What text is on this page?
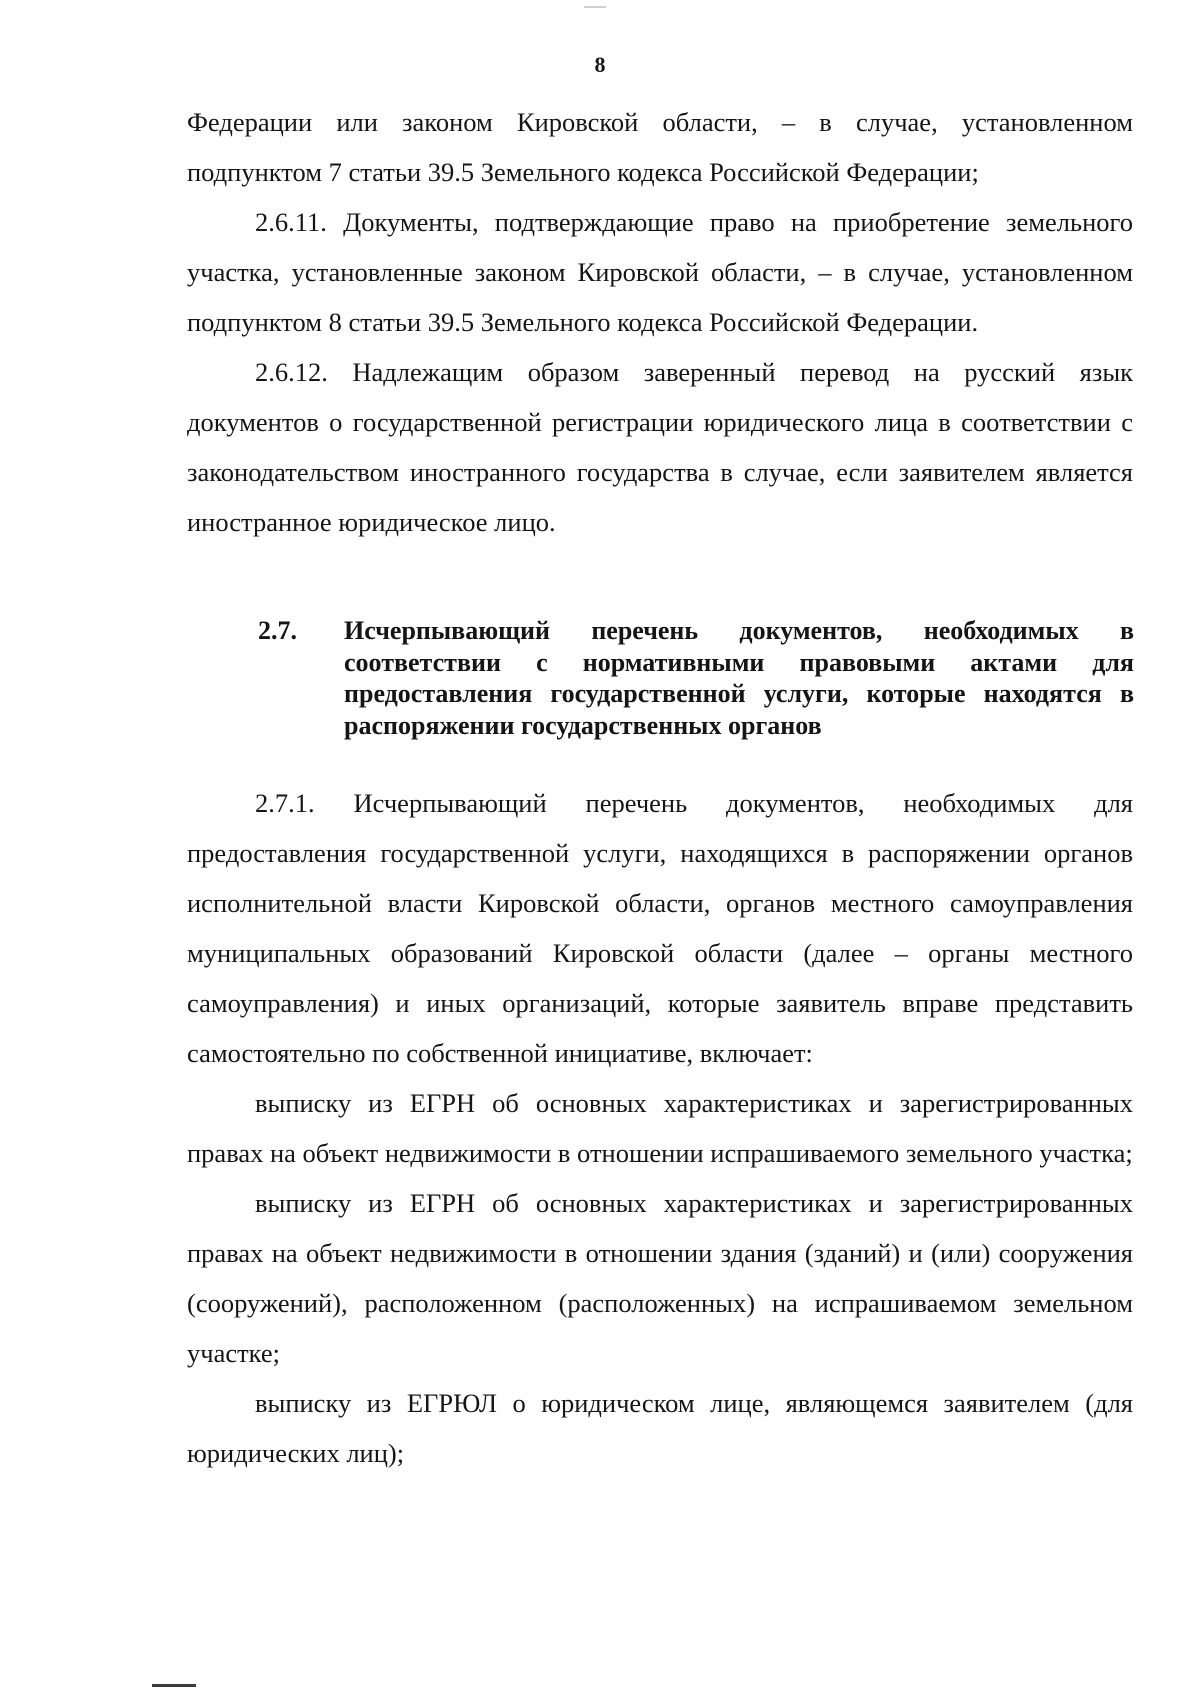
8

Федерации или законом Кировской области, – в случае, установленном подпунктом 7 статьи 39.5 Земельного кодекса Российской Федерации;

2.6.11. Документы, подтверждающие право на приобретение земельного участка, установленные законом Кировской области, – в случае, установленном подпунктом 8 статьи 39.5 Земельного кодекса Российской Федерации.

2.6.12. Надлежащим образом заверенный перевод на русский язык документов о государственной регистрации юридического лица в соответствии с законодательством иностранного государства в случае, если заявителем является иностранное юридическое лицо.

2.7. Исчерпывающий перечень документов, необходимых в соответствии с нормативными правовыми актами для предоставления государственной услуги, которые находятся в распоряжении государственных органов

2.7.1. Исчерпывающий перечень документов, необходимых для предоставления государственной услуги, находящихся в распоряжении органов исполнительной власти Кировской области, органов местного самоуправления муниципальных образований Кировской области (далее – органы местного самоуправления) и иных организаций, которые заявитель вправе представить самостоятельно по собственной инициативе, включает:

выписку из ЕГРН об основных характеристиках и зарегистрированных правах на объект недвижимости в отношении испрашиваемого земельного участка;

выписку из ЕГРН об основных характеристиках и зарегистрированных правах на объект недвижимости в отношении здания (зданий) и (или) сооружения (сооружений), расположенном (расположенных) на испрашиваемом земельном участке;

выписку из ЕГРЮЛ о юридическом лице, являющемся заявителем (для юридических лиц);
